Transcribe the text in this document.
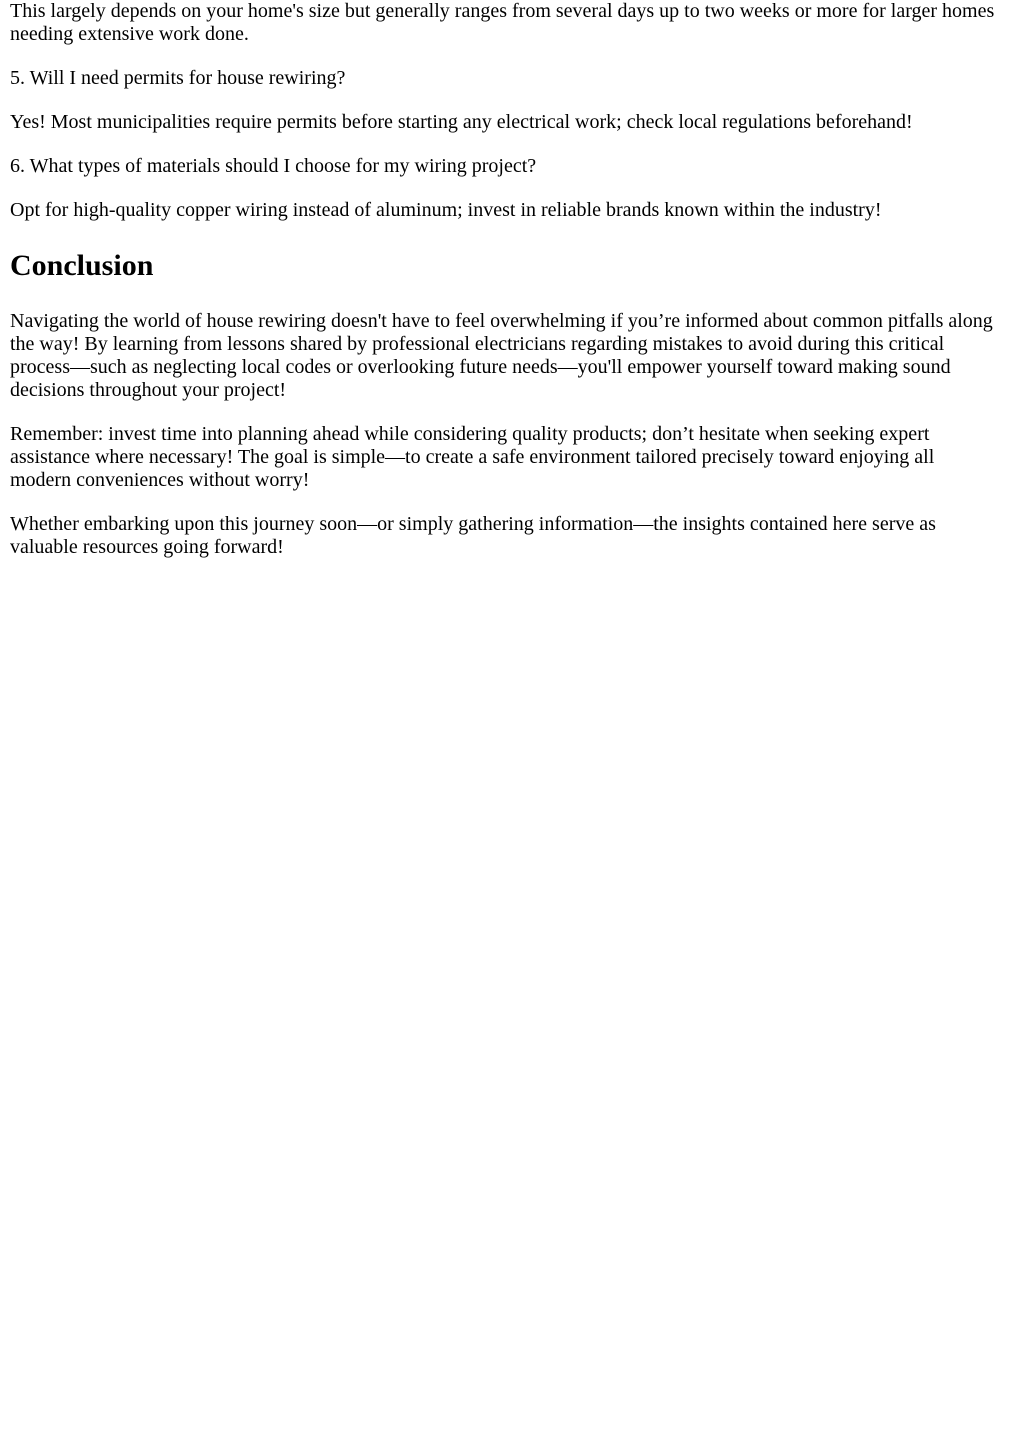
This largely depends on your home's size but generally ranges from several days up to two weeks or more for larger homes needing extensive work done.

5. Will I need permits for house rewiring?

Yes! Most municipalities require permits before starting any electrical work; check local regulations beforehand!

6. What types of materials should I choose for my wiring project?

Opt for high-quality copper wiring instead of aluminum; invest in reliable brands known within the industry!

Conclusion

Navigating the world of house rewiring doesn't have to feel overwhelming if you’re informed about common pitfalls along the way! By learning from lessons shared by professional electricians regarding mistakes to avoid during this critical process—such as neglecting local codes or overlooking future needs—you'll empower yourself toward making sound decisions throughout your project!

Remember: invest time into planning ahead while considering quality products; don’t hesitate when seeking expert assistance where necessary! The goal is simple—to create a safe environment tailored precisely toward enjoying all modern conveniences without worry!

Whether embarking upon this journey soon—or simply gathering information—the insights contained here serve as valuable resources going forward!
